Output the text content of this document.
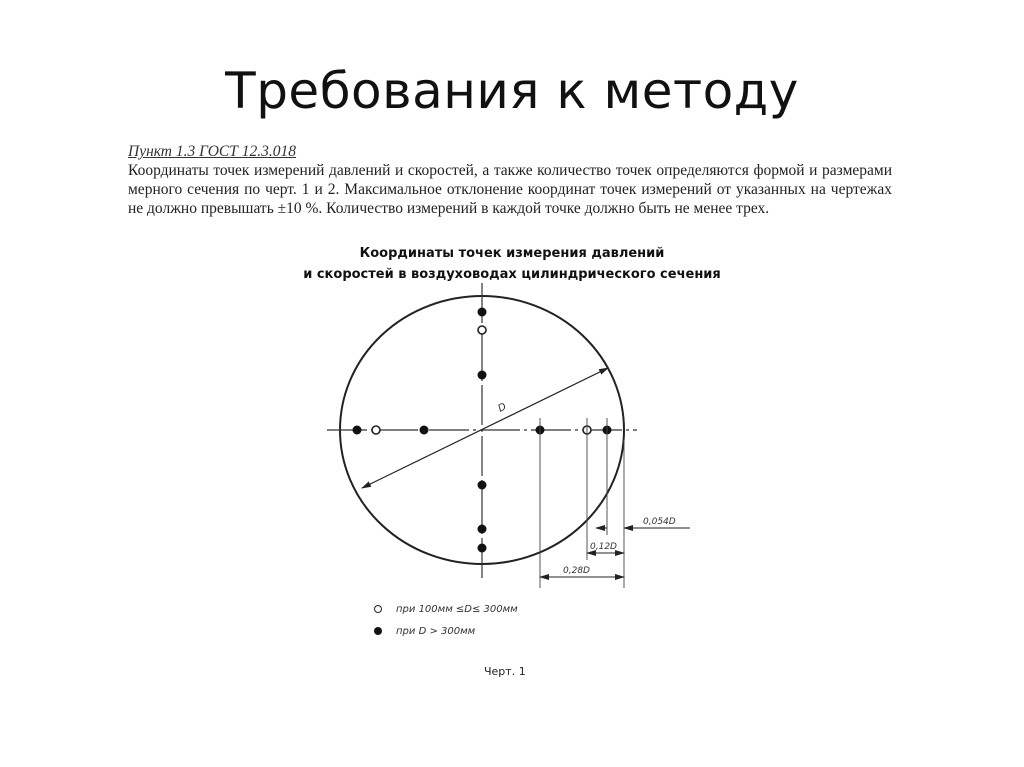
Требования к методу
Пункт 1.3 ГОСТ 12.3.018

Координаты точек измерений давлений и скоростей, а также количество точек определяются формой и размерами мерного сечения по черт. 1 и 2. Максимальное отклонение координат точек измерений от указанных на чертежах не должно превышать ±10 %. Количество измерений в каждой точке должно быть не менее трех.

Координаты точек измерения давлений
и скоростей в воздуховодах цилиндрического сечения
D
0,054D
0,12D
0,28D
при 100мм ≤D≤ 300мм
при D > 300мм
Черт. 1
